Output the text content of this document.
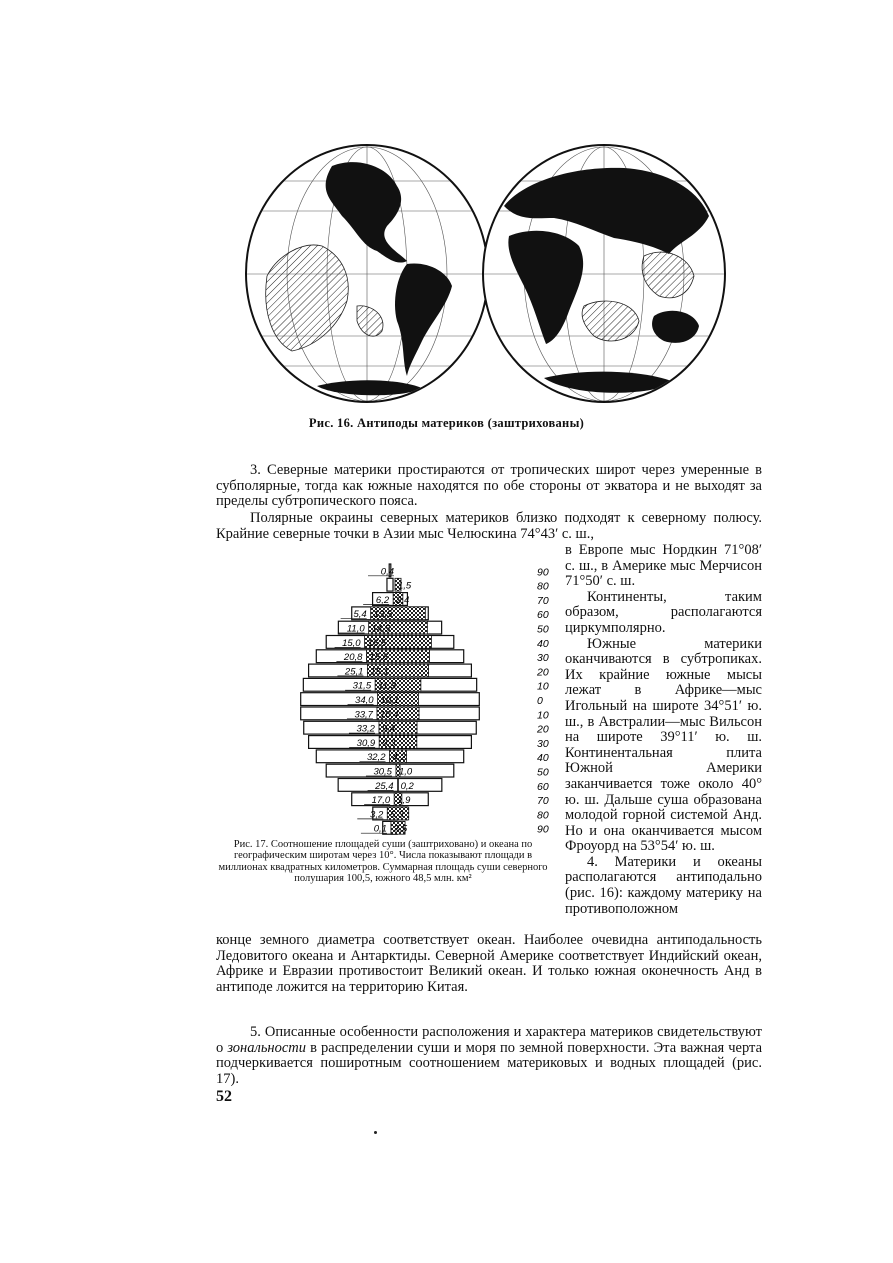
Рис. 16. Антиподы материков (заштрихованы)

3. Северные материки простираются от тропических широт через умеренные в субполярные, тогда как южные находятся по обе стороны от экватора и не выходят за пределы субтропического пояса.

Полярные окраины северных материков близко подходят к северному полюсу. Крайние северные точки в Азии мыс Челюскина 74°43′ с. ш.,

в Европе мыс Нордкин 71°08′ с. ш., в Америке мыс Мерчисон 71°50′ с. ш.

Континенты, таким образом, располагаются циркумполярно.

Южные материки оканчиваются в субтропиках. Их крайние южные мысы лежат в Африке—мыс Игольный на широте 34°51′ ю. ш., в Австралии—мыс Вильсон на широте 39°11′ ю. ш. Континентальная плита Южной Америки заканчивается тоже около 40° ю. ш. Дальше суша образована молодой горной системой Анд. Но и она оканчивается мысом Фроуорд на 53°54′ ю. ш.

4. Материки и океаны располагаются антиподально (рис. 16): каждому материку на противоположном

0,4
1,5
6,2 2,4
5,4 13,5
11,0 14,5
15,0 16,5
20,8 15,6
25,1 15,1
31,5 11,3
34,0 10,1
33,7 10,4
33,2 9,4
30,9 9,3
32,2 4,2
30,5 1,0
25,4 0,2
17,0 1,9
3,2 5,3
0,1 3,5
90
80
70
60
50
40
30
20
10
0
10
20
30
40
50
60
70
80
90
Рис. 17. Соотношение площадей суши (заштриховано) и океана по географическим широтам через 10°. Числа показывают площади в миллионах квадратных километров. Суммарная площадь суши северного полушария 100,5, южного 48,5 млн. км²

конце земного диаметра соответствует океан. Наиболее очевидна антиподальность Ледовитого океана и Антарктиды. Северной Америке соответствует Индийский океан, Африке и Евразии противостоит Великий океан. И только южная оконечность Анд в антиподе ложится на территорию Китая.

5. Описанные особенности расположения и характера материков свидетельствуют о зональности в распределении суши и моря по земной поверхности. Эта важная черта подчеркивается поширотным соотношением материковых и водных площадей (рис. 17).

52
